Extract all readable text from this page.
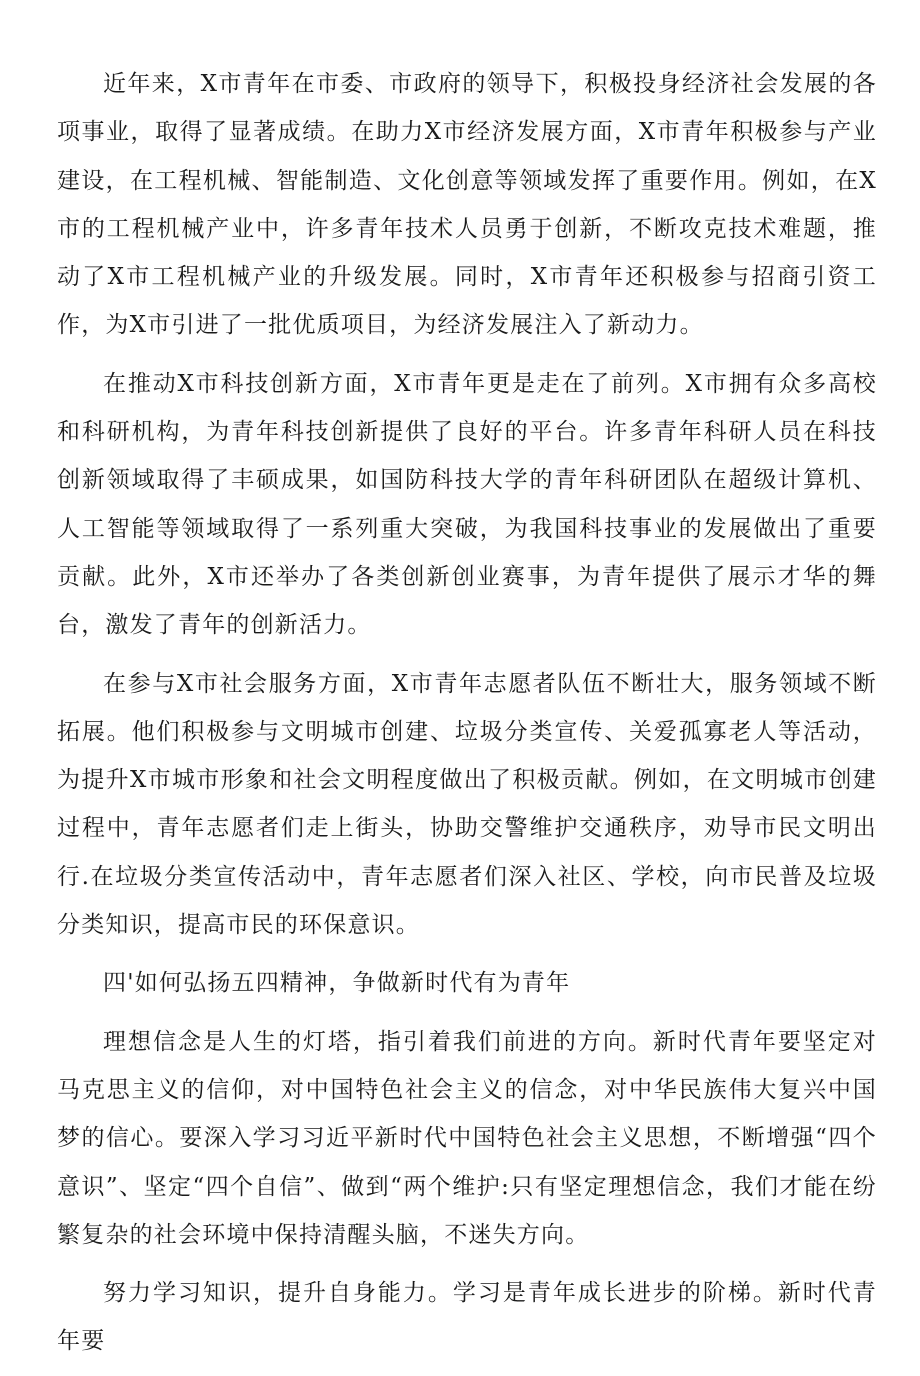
近年来，X市青年在市委、市政府的领导下，积极投身经济社会发展的各项事业，取得了显著成绩。在助力X市经济发展方面，X市青年积极参与产业建设，在工程机械、智能制造、文化创意等领域发挥了重要作用。例如，在X市的工程机械产业中，许多青年技术人员勇于创新，不断攻克技术难题，推动了X市工程机械产业的升级发展。同时，X市青年还积极参与招商引资工作，为X市引进了一批优质项目，为经济发展注入了新动力。

在推动X市科技创新方面，X市青年更是走在了前列。X市拥有众多高校和科研机构，为青年科技创新提供了良好的平台。许多青年科研人员在科技创新领域取得了丰硕成果，如国防科技大学的青年科研团队在超级计算机、人工智能等领域取得了一系列重大突破，为我国科技事业的发展做出了重要贡献。此外，X市还举办了各类创新创业赛事，为青年提供了展示才华的舞台，激发了青年的创新活力。

在参与X市社会服务方面，X市青年志愿者队伍不断壮大，服务领域不断拓展。他们积极参与文明城市创建、垃圾分类宣传、关爱孤寡老人等活动，为提升X市城市形象和社会文明程度做出了积极贡献。例如，在文明城市创建过程中，青年志愿者们走上街头，协助交警维护交通秩序，劝导市民文明出行.在垃圾分类宣传活动中，青年志愿者们深入社区、学校，向市民普及垃圾分类知识，提高市民的环保意识。

四'如何弘扬五四精神，争做新时代有为青年

理想信念是人生的灯塔，指引着我们前进的方向。新时代青年要坚定对马克思主义的信仰，对中国特色社会主义的信念，对中华民族伟大复兴中国梦的信心。要深入学习习近平新时代中国特色社会主义思想，不断增强“四个意识”、坚定“四个自信”、做到“两个维护:只有坚定理想信念，我们才能在纷繁复杂的社会环境中保持清醒头脑，不迷失方向。

努力学习知识，提升自身能力。学习是青年成长进步的阶梯。新时代青年要
